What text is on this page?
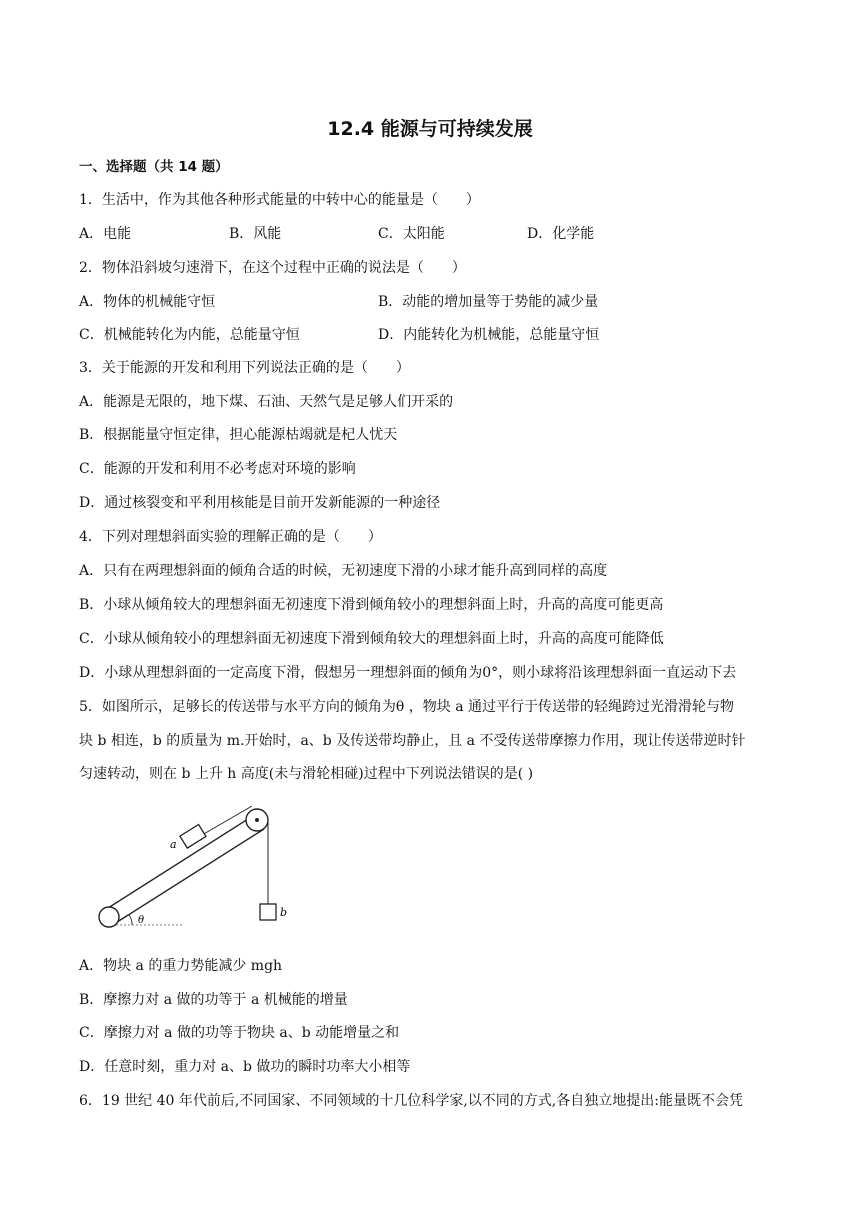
12.4 能源与可持续发展
一、选择题（共 14 题）
1．生活中，作为其他各种形式能量的中转中心的能量是（　　）
A．电能	B．风能	C．太阳能	D．化学能
2．物体沿斜坡匀速滑下，在这个过程中正确的说法是（　　）
A．物体的机械能守恒	B．动能的增加量等于势能的减少量
C．机械能转化为内能，总能量守恒	D．内能转化为机械能，总能量守恒
3．关于能源的开发和利用下列说法正确的是（　　）
A．能源是无限的，地下煤、石油、天然气是足够人们开采的
B．根据能量守恒定律，担心能源枯竭就是杞人忧天
C．能源的开发和利用不必考虑对环境的影响
D．通过核裂变和平利用核能是目前开发新能源的一种途径
4．下列对理想斜面实验的理解正确的是（　　）
A．只有在两理想斜面的倾角合适的时候，无初速度下滑的小球才能升高到同样的高度
B．小球从倾角较大的理想斜面无初速度下滑到倾角较小的理想斜面上时，升高的高度可能更高
C．小球从倾角较小的理想斜面无初速度下滑到倾角较大的理想斜面上时，升高的高度可能降低
D．小球从理想斜面的一定高度下滑，假想另一理想斜面的倾角为0°，则小球将沿该理想斜面一直运动下去
5．如图所示，足够长的传送带与水平方向的倾角为θ ，物块 a 通过平行于传送带的轻绳跨过光滑滑轮与物
块 b 相连，b 的质量为 m.开始时，a、b 及传送带均静止，且 a 不受传送带摩擦力作用，现让传送带逆时针
匀速转动，则在 b 上升 h 高度(未与滑轮相碰)过程中下列说法错误的是( )
a
b
θ
A．物块 a 的重力势能减少 mgh
B．摩擦力对 a 做的功等于 a 机械能的增量
C．摩擦力对 a 做的功等于物块 a、b 动能增量之和
D．任意时刻，重力对 a、b 做功的瞬时功率大小相等
6．19 世纪 40 年代前后,不同国家、不同领域的十几位科学家,以不同的方式,各自独立地提出:能量既不会凭
